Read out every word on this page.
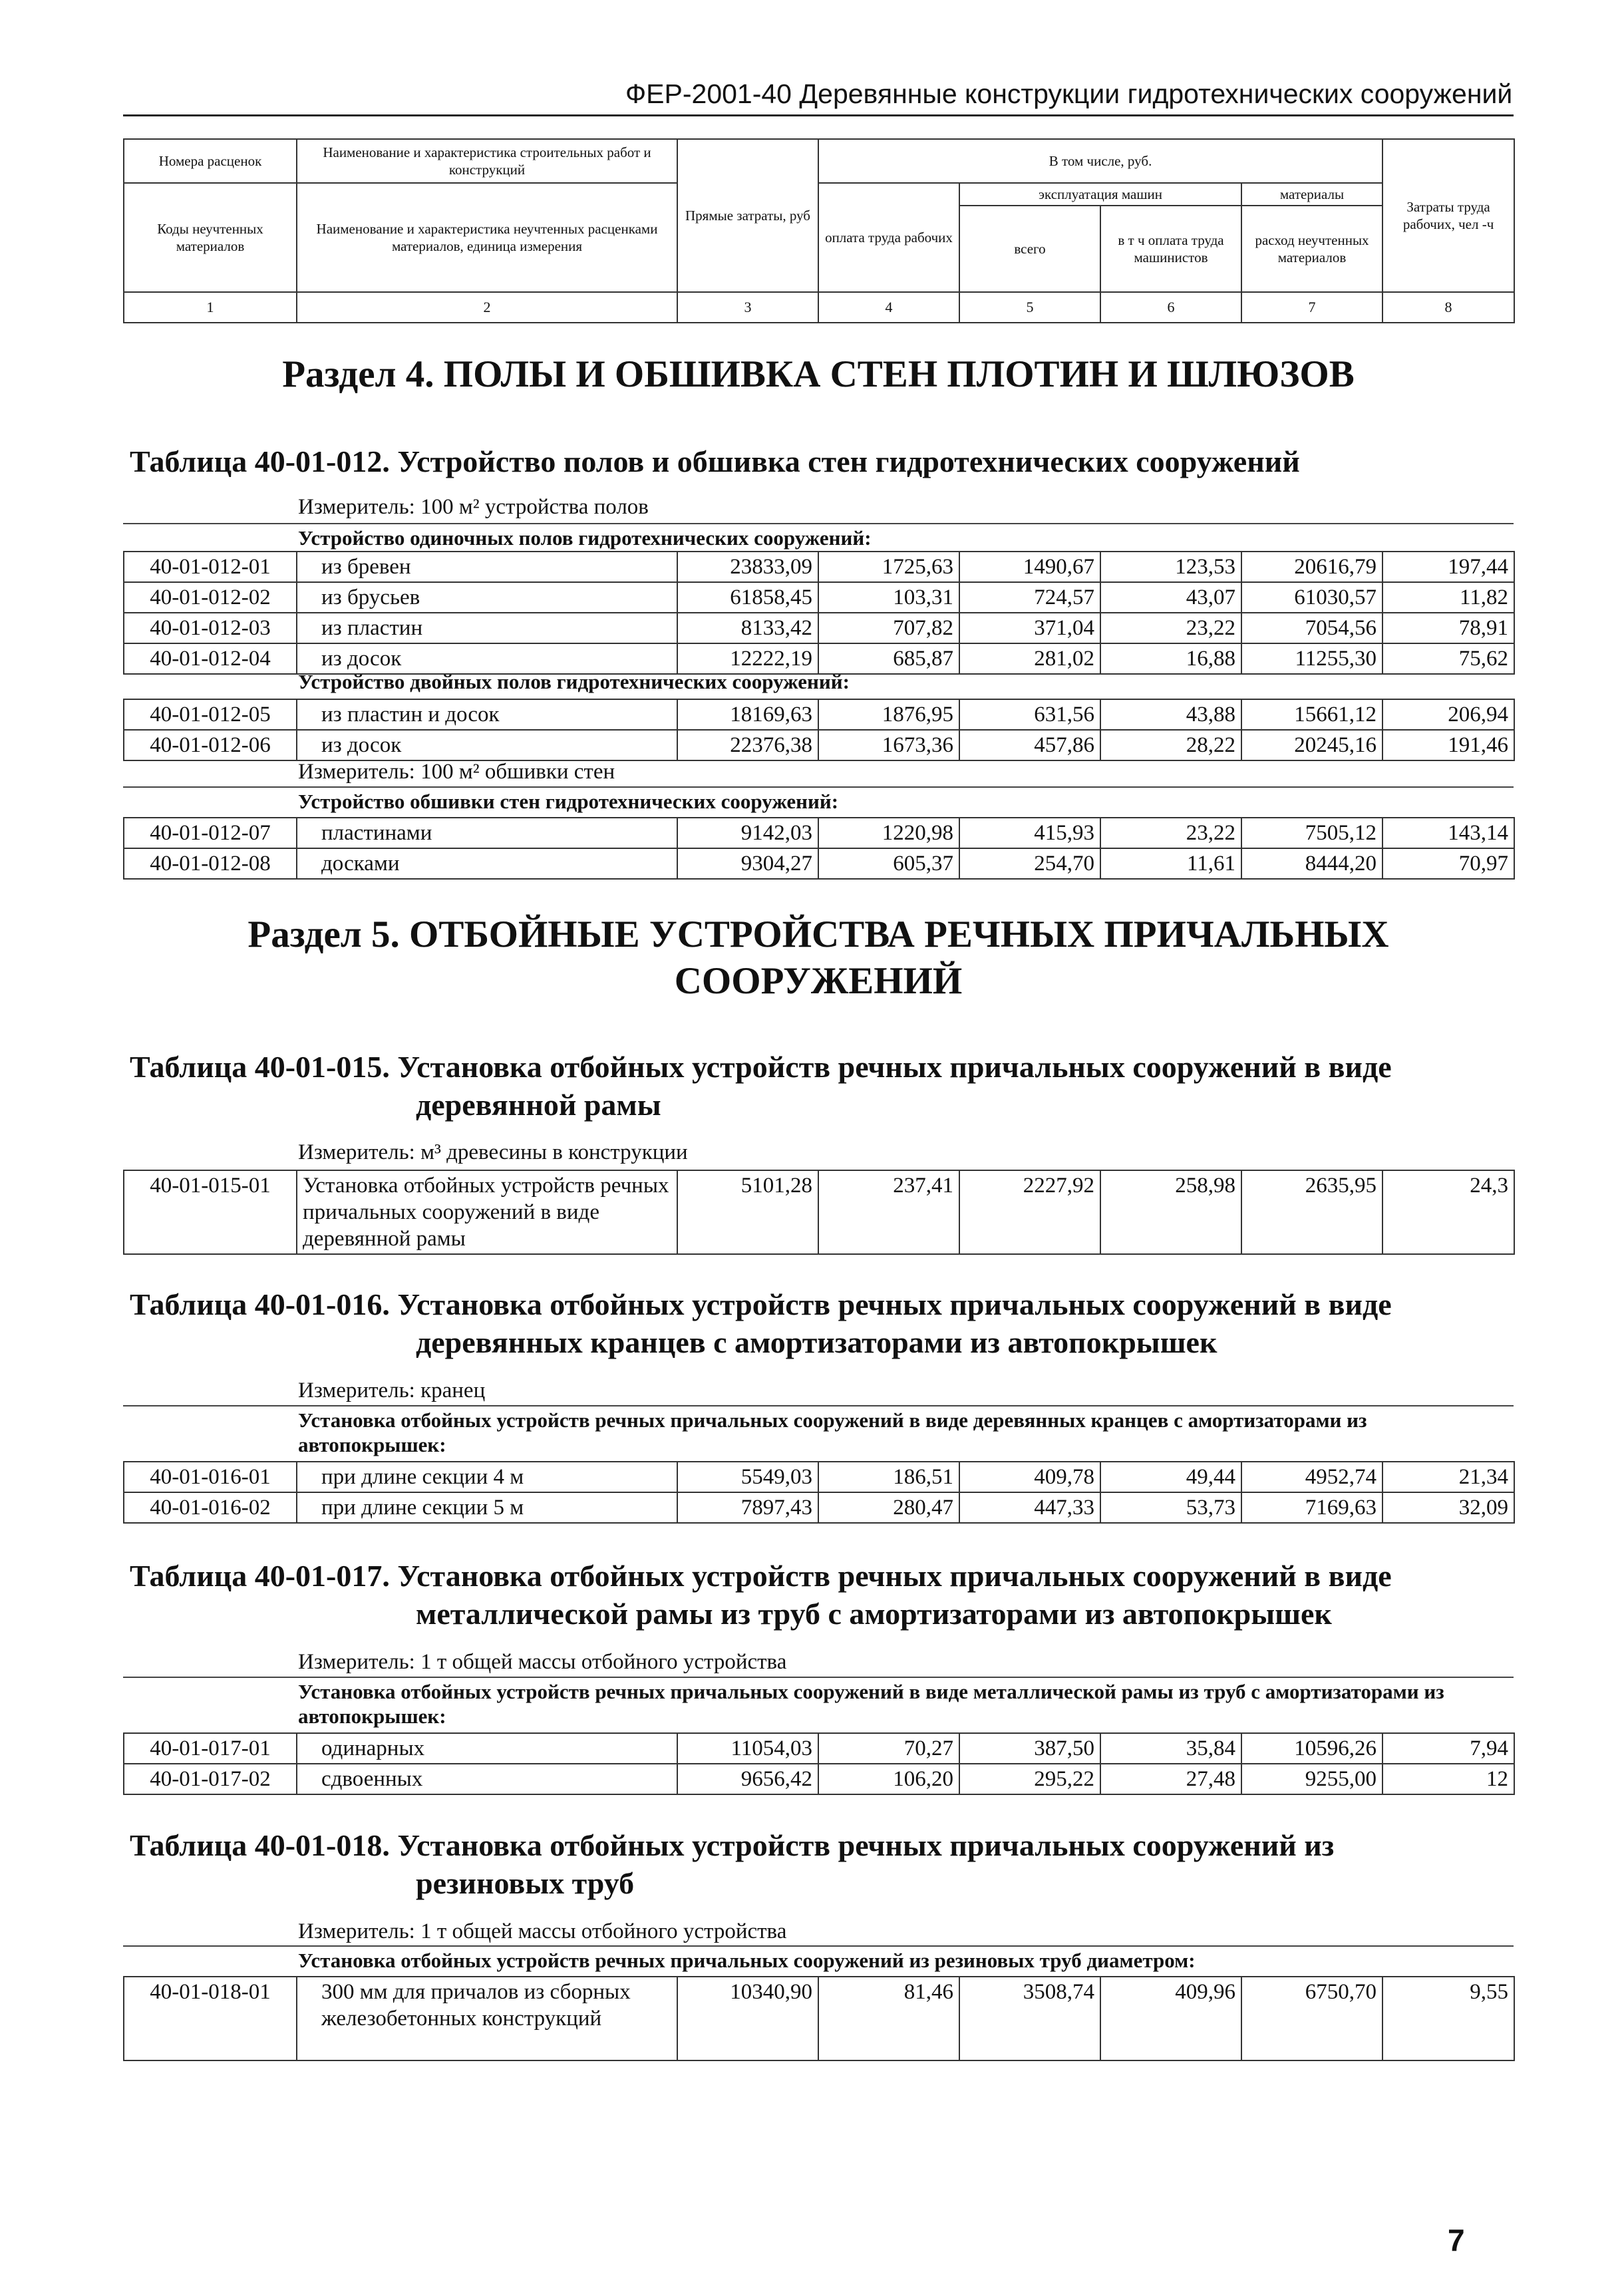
ФЕР-2001-40 Деревянные конструкции гидротехнических сооружений
Номера расценок	Наименование и характеристика строительных работ и конструкций	Прямые затраты, руб	В том числе, руб.				Затраты труда рабочих, чел -ч
Коды неучтенных материалов	Наименование и характеристика неучтенных расценками материалов, единица измерения		оплата труда рабочих	эксплуатация машин		материалы	
				всего	в т ч оплата труда машинистов	расход неучтенных материалов	
1	2	3	4	5	6	7	8
Раздел 4. ПОЛЫ И ОБШИВКА СТЕН ПЛОТИН И ШЛЮЗОВ
Таблица 40-01-012. Устройство полов и обшивка стен гидротехнических сооружений
Измеритель: 100 м² устройства полов
Устройство одиночных полов гидротехнических сооружений:
40-01-012-01	из бревен	23833,09	1725,63	1490,67	123,53	20616,79	197,44
40-01-012-02	из брусьев	61858,45	103,31	724,57	43,07	61030,57	11,82
40-01-012-03	из пластин	8133,42	707,82	371,04	23,22	7054,56	78,91
40-01-012-04	из досок	12222,19	685,87	281,02	16,88	11255,30	75,62
Устройство двойных полов гидротехнических сооружений:
40-01-012-05	из пластин и досок	18169,63	1876,95	631,56	43,88	15661,12	206,94
40-01-012-06	из досок	22376,38	1673,36	457,86	28,22	20245,16	191,46
Измеритель: 100 м² обшивки стен
Устройство обшивки стен гидротехнических сооружений:
40-01-012-07	пластинами	9142,03	1220,98	415,93	23,22	7505,12	143,14
40-01-012-08	досками	9304,27	605,37	254,70	11,61	8444,20	70,97
Раздел 5. ОТБОЙНЫЕ УСТРОЙСТВА РЕЧНЫХ ПРИЧАЛЬНЫХ
СООРУЖЕНИЙ
Таблица 40-01-015. Установка отбойных устройств речных причальных сооружений в виде
деревянной рамы
Измеритель: м³ древесины в конструкции
40-01-015-01	Установка отбойных устройств речных причальных сооружений в виде деревянной рамы	5101,28	237,41	2227,92	258,98	2635,95	24,3
Таблица 40-01-016. Установка отбойных устройств речных причальных сооружений в виде
деревянных кранцев с амортизаторами из автопокрышек
Измеритель: кранец
Установка отбойных устройств речных причальных сооружений в виде деревянных кранцев с амортизаторами из автопокрышек:
40-01-016-01	при длине секции 4 м	5549,03	186,51	409,78	49,44	4952,74	21,34
40-01-016-02	при длине секции 5 м	7897,43	280,47	447,33	53,73	7169,63	32,09
Таблица 40-01-017. Установка отбойных устройств речных причальных сооружений в виде
металлической рамы из труб с амортизаторами из автопокрышек
Измеритель: 1 т общей массы отбойного устройства
Установка отбойных устройств речных причальных сооружений в виде металлической рамы из труб с амортизаторами из автопокрышек:
40-01-017-01	одинарных	11054,03	70,27	387,50	35,84	10596,26	7,94
40-01-017-02	сдвоенных	9656,42	106,20	295,22	27,48	9255,00	12
Таблица 40-01-018. Установка отбойных устройств речных причальных сооружений из
резиновых труб
Измеритель: 1 т общей массы отбойного устройства
Установка отбойных устройств речных причальных сооружений из резиновых труб диаметром:
40-01-018-01	300 мм для причалов из сборных железобетонных конструкций	10340,90	81,46	3508,74	409,96	6750,70	9,55
7
